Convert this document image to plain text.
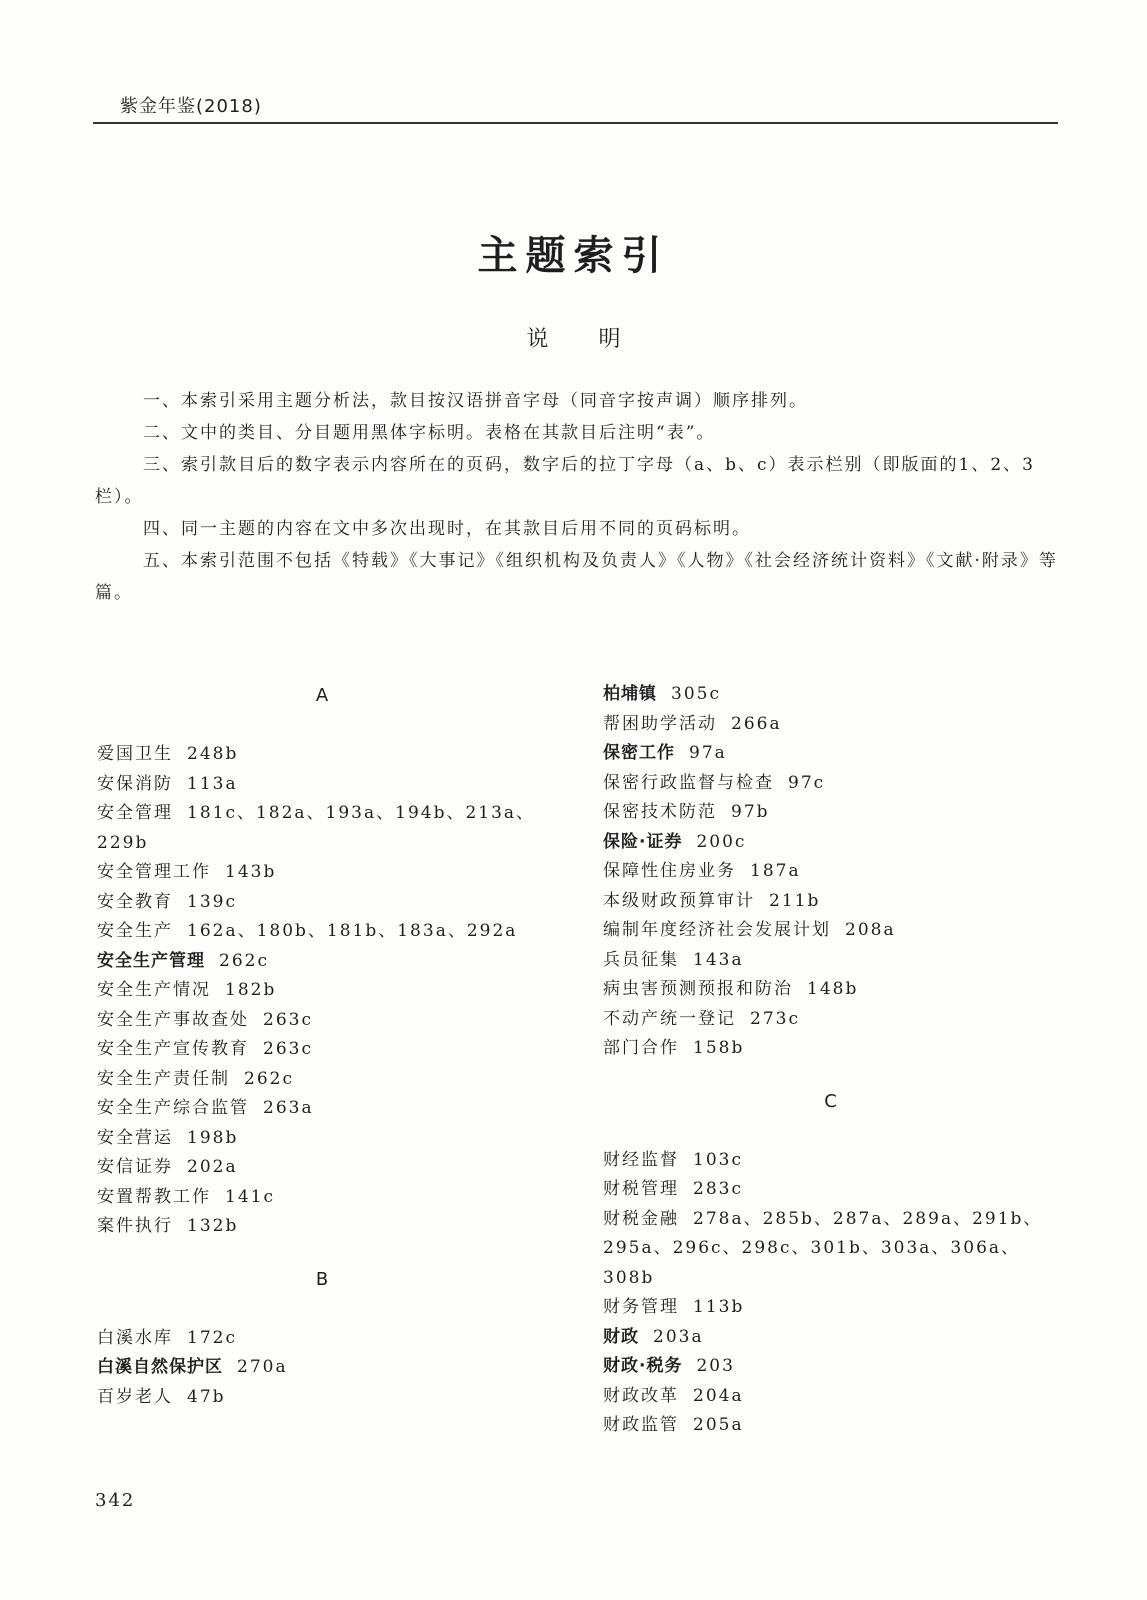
紫金年鉴(2018)
主题索引
说明

一、本索引采用主题分析法，款目按汉语拼音字母（同音字按声调）顺序排列。

二、文中的类目、分目题用黑体字标明。表格在其款目后注明“表”。

三、索引款目后的数字表示内容所在的页码，数字后的拉丁字母（a、b、c）表示栏别（即版面的1、2、3栏）。

四、同一主题的内容在文中多次出现时，在其款目后用不同的页码标明。

五、本索引范围不包括《特载》《大事记》《组织机构及负责人》《人物》《社会经济统计资料》《文献·附录》等篇。

A
爱国卫生 248b
安保消防 113a
安全管理 181c、182a、193a、194b、213a、229b
安全管理工作 143b
安全教育 139c
安全生产 162a、180b、181b、183a、292a
安全生产管理 262c
安全生产情况 182b
安全生产事故查处 263c
安全生产宣传教育 263c
安全生产责任制 262c
安全生产综合监管 263a
安全营运 198b
安信证券 202a
安置帮教工作 141c
案件执行 132b
B
白溪水库 172c
白溪自然保护区 270a
百岁老人 47b
柏埔镇 305c
帮困助学活动 266a
保密工作 97a
保密行政监督与检查 97c
保密技术防范 97b
保险·证券 200c
保障性住房业务 187a
本级财政预算审计 211b
编制年度经济社会发展计划 208a
兵员征集 143a
病虫害预测预报和防治 148b
不动产统一登记 273c
部门合作 158b
C
财经监督 103c
财税管理 283c
财税金融 278a、285b、287a、289a、291b、295a、296c、298c、301b、303a、306a、308b
财务管理 113b
财政 203a
财政·税务 203
财政改革 204a
财政监管 205a
342
